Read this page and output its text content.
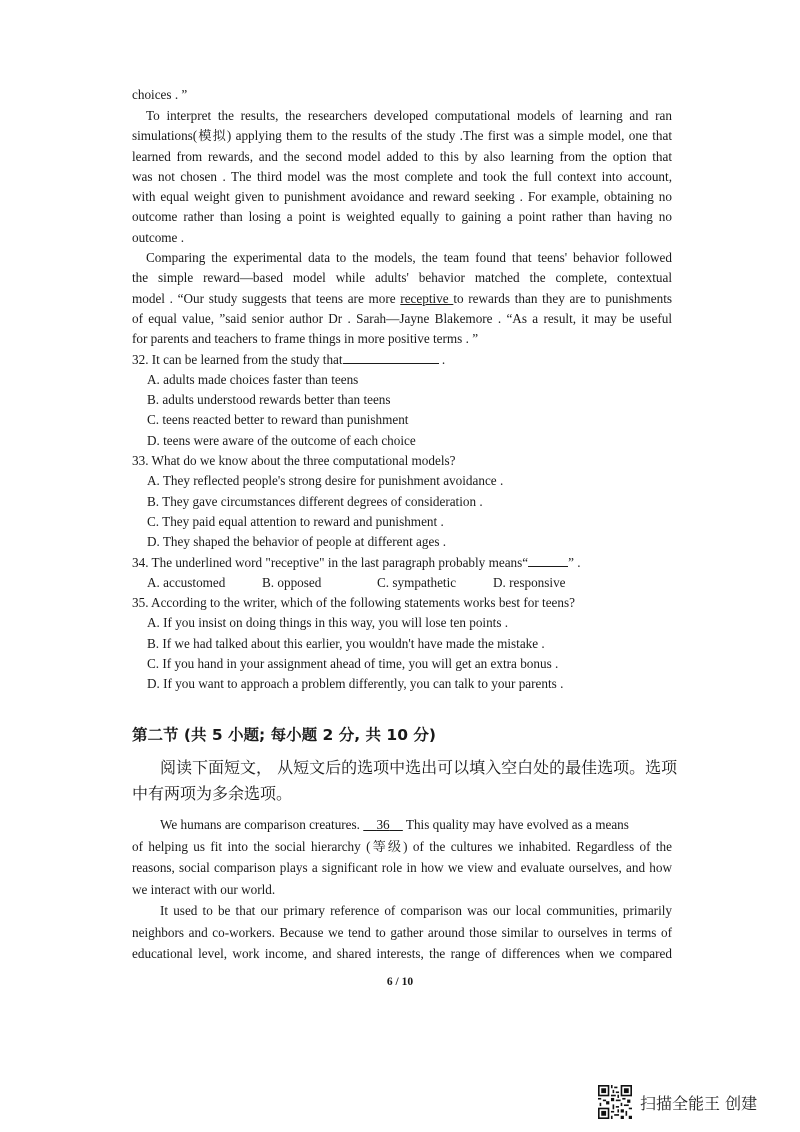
choices . ”
To interpret the results, the researchers developed computational models of learning and ran
simulations(模拟) applying them to the results of the study .The first was a simple model, one that
learned from rewards, and the second model added to this by also learning from the option that
was not chosen . The third model was the most complete and took the full context into account,
with equal weight given to punishment avoidance and reward seeking . For example, obtaining no
outcome rather than losing a point is weighted equally to gaining a point rather than having no
outcome .
Comparing the experimental data to the models, the team found that teens' behavior followed
the simple reward—based model while adults' behavior matched the complete, contextual
model . “Our study suggests that teens are more receptive to rewards than they are to punishments
of equal value, ”said senior author Dr . Sarah—Jayne Blakemore . “As a result, it may be useful
for parents and teachers to frame things in more positive terms . ”
32. It can be learned from the study that	.
A. adults made choices faster than teens
B. adults understood rewards better than teens
C. teens reacted better to reward than punishment
D. teens were aware of the outcome of each choice
33. What do we know about the three computational models?
A. They reflected people's strong desire for punishment avoidance .
B. They gave circumstances different degrees of consideration .
C. They paid equal attention to reward and punishment .
D. They shaped the behavior of people at different ages .
34. The underlined word "receptive" in the last paragraph probably means“	” .
A. accustomed	B. opposed	C. sympathetic	D. responsive
35. According to the writer, which of the following statements works best for teens?
A. If you insist on doing things in this way, you will lose ten points .
B. If we had talked about this earlier, you wouldn't have made the mistake .
C. If you hand in your assignment ahead of time, you will get an extra bonus .
D. If you want to approach a problem differently, you can talk to your parents .
第二节 (共 5 小题; 每小题 2 分, 共 10 分)
阅读下面短文， 从短文后的选项中选出可以填入空白处的最佳选项。选项
中有两项为多余选项。
We humans are comparison creatures.     36     This quality may have evolved as a means
of helping us fit into the social hierarchy (等级) of the cultures we inhabited. Regardless of the
reasons, social comparison plays a significant role in how we view and evaluate ourselves, and how
we interact with our world.
It used to be that our primary reference of comparison was our local communities, primarily
neighbors and co-workers. Because we tend to gather around those similar to ourselves in terms of
educational level, work income, and shared interests, the range of differences when we compared
6 / 10
扫描全能王 创建
